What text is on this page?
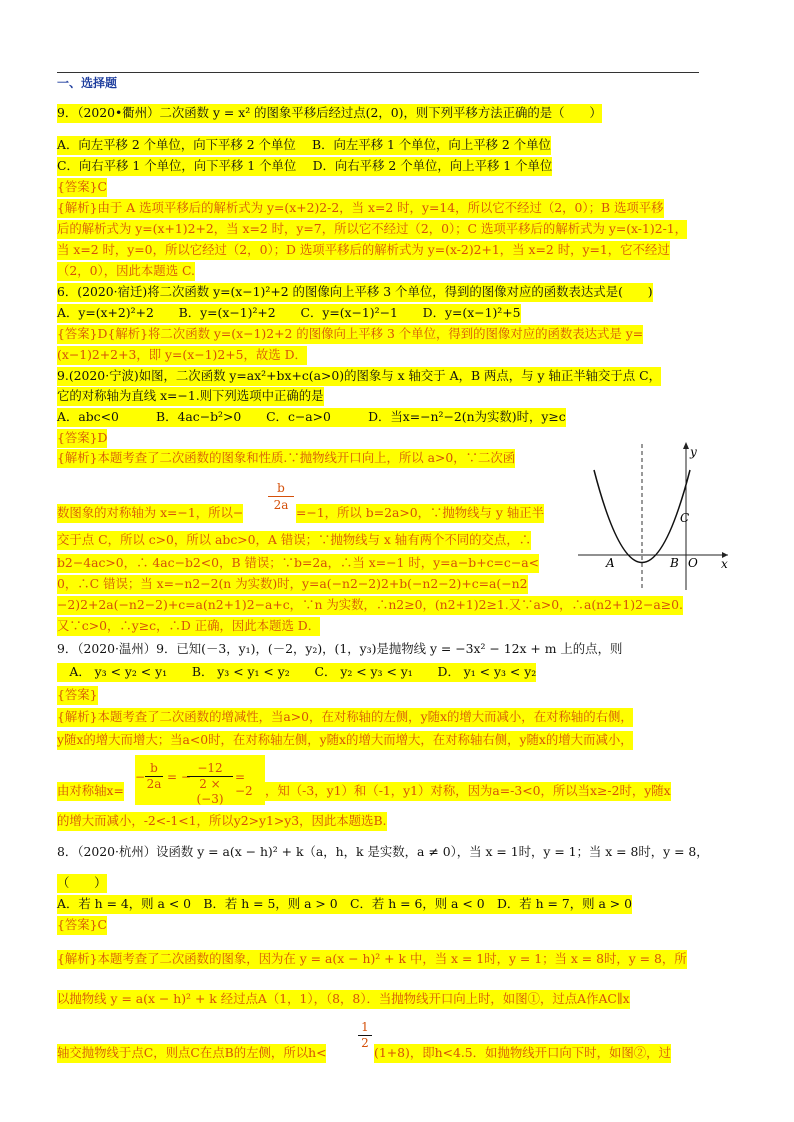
一、选择题
9．（2020•衢州）二次函数 y = x² 的图象平移后经过点(2，0)，则下列平移方法正确的是（　　）
A．向左平移 2 个单位，向下平移 2 个单位　 B．向左平移 1 个单位，向上平移 2 个单位
C．向右平移 1 个单位，向下平移 1 个单位　 D．向右平移 2 个单位，向上平移 1 个单位
{答案}C
{解析}由于 A 选项平移后的解析式为 y=(x+2)2-2，当 x=2 时，y=14，所以它不经过（2，0）；B 选项平移
后的解析式为 y=(x+1)2+2，当 x=2 时，y=7，所以它不经过（2，0）；C 选项平移后的解析式为 y=(x-1)2-1，
当 x=2 时，y=0，所以它经过（2，0）；D 选项平移后的解析式为 y=(x-2)2+1，当 x=2 时，y=1，它不经过
（2，0），因此本题选 C.
6．(2020·宿迁)将二次函数 y=(x−1)²+2 的图像向上平移 3 个单位，得到的图像对应的函数表达式是(　　)
A．y=(x+2)²+2　　B．y=(x−1)²+2　　C．y=(x−1)²−1　　D．y=(x−1)²+5
{答案}D{解析}将二次函数 y=(x−1)2+2 的图像向上平移 3 个单位，得到的图像对应的函数表达式是 y=
(x−1)2+2+3，即 y=(x−1)2+5，故选 D．
9.(2020·宁波)如图，二次函数 y=ax²+bx+c(a>0)的图象与 x 轴交于 A，B 两点，与 y 轴正半轴交于点 C，
它的对称轴为直线 x=−1.则下列选项中正确的是
A．abc<0　　　B．4ac−b²>0　　C．c−a>0　　　D．当x=−n²−2(n为实数)时，y≥c
{答案}D
{解析}本题考查了二次函数的图象和性质.∵抛物线开口向上，所以 a>0，∵二次函
数图象的对称轴为 x=−1，所以− $\frac{b}{2a} =-1$，所以 b=2a>0，∵抛物线与 y 轴正半
交于点 C，所以 c>0，所以 abc>0，A 错误；∵抛物线与 x 轴有两个不同的交点，∴
b2−4ac>0，∴ 4ac−b2<0，B 错误；∵b=2a，∴当 x=−1 时，y=a−b+c=c−a<
0，∴C 错误；当 x=−n2−2(n 为实数)时，y=a(−n2−2)2+b(−n2−2)+c=a(−n2
−2)2+2a(−n2−2)+c=a(n2+1)2−a+c，∵n 为实数，∴n2≥0，(n2+1)2≥1.又∵a>0，∴a(n2+1)2−a≥0.
又∵c>0，∴y≥c，∴D 正确，因此本题选 D．
y
x
A	B O
C
9．（2020·温州）9．已知(－3，y₁)，(－2，y₂)，(1，y₃)是抛物线 y = −3x² − 12x + m 上的点，则
　A． y₃ < y₂ < y₁　　B． y₃ < y₁ < y₂　　C． y₂ < y₃ < y₁　　D． y₁ < y₃ < y₂
{答案}
{解析}本题考查了二次函数的增减性，当a>0，在对称轴的左侧，y随x的增大而减小，在对称轴的右侧，
y随x的增大而增大；当a<0时，在对称轴左侧，y随x的增大而增大，在对称轴右侧，y随x的增大而减小，
由对称轴x=
− $\frac{b}{2a}$ = −
$\frac{-12}{2 \times (-3)} = -2$ ，知（-3，y1）和（-1，y1）对称，因为a=-3<0，所以当x≥-2时，y随x
的增大而减小，-2<-1<1，所以y2>y1>y3，因此本题选B.
8．（2020·杭州）设函数 y = a(x − h)² + k（a，h，k 是实数，a ≠ 0），当 x = 1时，y = 1；当 x = 8时，y = 8，
（　　）
A．若 h = 4，则 a < 0　B．若 h = 5，则 a > 0　C．若 h = 6，则 a < 0　D．若 h = 7，则 a > 0
{答案}C
{解析}本题考查了二次函数的图象，因为在 y = a(x − h)² + k 中，当 x = 1时，y = 1；当 x = 8时，y = 8，所
以抛物线 y = a(x − h)² + k 经过点A（1，1），（8，8）．当抛物线开口向上时，如图①，过点A作AC∥x
轴交抛物线于点C，则点C在点B的左侧，所以h<
$\frac{1}{2}$
(1+8)，即h<4.5．如抛物线开口向下时，如图②，过
